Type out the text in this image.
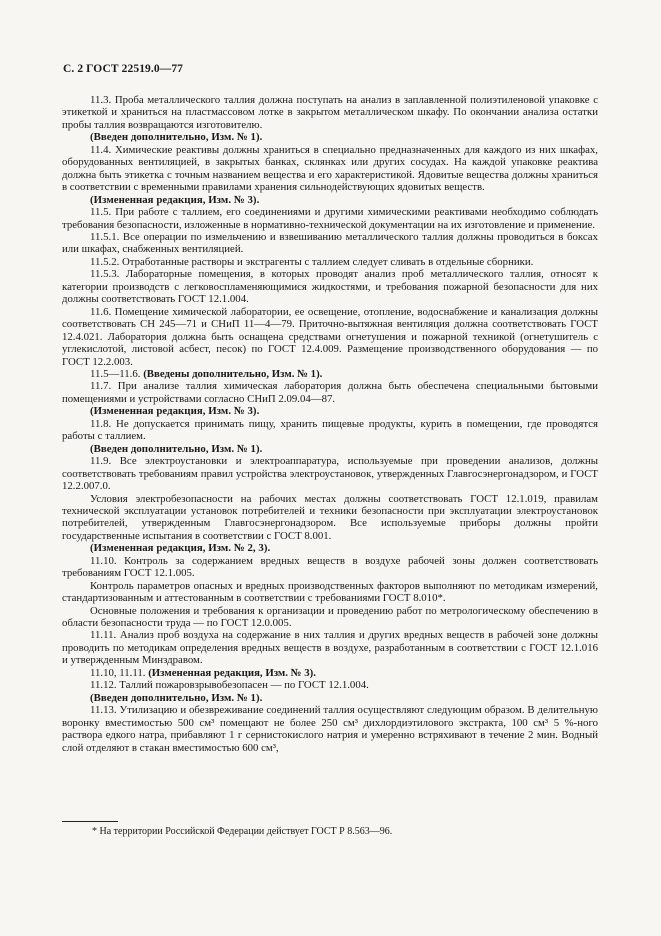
С. 2 ГОСТ 22519.0—77

11.3. Проба металлического таллия должна поступать на анализ в заплавленной полиэтиленовой упаковке с этикеткой и храниться на пластмассовом лотке в закрытом металлическом шкафу. По окончании анализа остатки пробы таллия возвращаются изготовителю.

(Введен дополнительно, Изм. № 1).

11.4. Химические реактивы должны храниться в специально предназначенных для каждого из них шкафах, оборудованных вентиляцией, в закрытых банках, склянках или других сосудах. На каждой упаковке реактива должна быть этикетка с точным названием вещества и его характеристикой. Ядовитые вещества должны храниться в соответствии с временными правилами хранения сильнодействующих ядовитых веществ.

(Измененная редакция, Изм. № 3).

11.5. При работе с таллием, его соединениями и другими химическими реактивами необходимо соблюдать требования безопасности, изложенные в нормативно-технической документации на их изготовление и применение.

11.5.1. Все операции по измельчению и взвешиванию металлического таллия должны проводиться в боксах или шкафах, снабженных вентиляцией.

11.5.2. Отработанные растворы и экстрагенты с таллием следует сливать в отдельные сборники.

11.5.3. Лабораторные помещения, в которых проводят анализ проб металлического таллия, относят к категории производств с легковоспламеняющимися жидкостями, и требования пожарной безопасности для них должны соответствовать ГОСТ 12.1.004.

11.6. Помещение химической лаборатории, ее освещение, отопление, водоснабжение и канализация должны соответствовать СН 245—71 и СНиП 11—4—79. Приточно-вытяжная вентиляция должна соответствовать ГОСТ 12.4.021. Лаборатория должна быть оснащена средствами огнетушения и пожарной техникой (огнетушитель с углекислотой, листовой асбест, песок) по ГОСТ 12.4.009. Размещение производственного оборудования — по ГОСТ 12.2.003.

11.5—11.6. (Введены дополнительно, Изм. № 1).

11.7. При анализе таллия химическая лаборатория должна быть обеспечена специальными бытовыми помещениями и устройствами согласно СНиП 2.09.04—87.

(Измененная редакция, Изм. № 3).

11.8. Не допускается принимать пищу, хранить пищевые продукты, курить в помещении, где проводятся работы с таллием.

(Введен дополнительно, Изм. № 1).

11.9. Все электроустановки и электроаппаратура, используемые при проведении анализов, должны соответствовать требованиям правил устройства электроустановок, утвержденных Главгосэнергонадзором, и ГОСТ 12.2.007.0.

Условия электробезопасности на рабочих местах должны соответствовать ГОСТ 12.1.019, правилам технической эксплуатации установок потребителей и техники безопасности при эксплуатации электроустановок потребителей, утвержденным Главгосэнергонадзором. Все используемые приборы должны пройти государственные испытания в соответствии с ГОСТ 8.001.

(Измененная редакция, Изм. № 2, 3).

11.10. Контроль за содержанием вредных веществ в воздухе рабочей зоны должен соответствовать требованиям ГОСТ 12.1.005.

Контроль параметров опасных и вредных производственных факторов выполняют по методикам измерений, стандартизованным и аттестованным в соответствии с требованиями ГОСТ 8.010*.

Основные положения и требования к организации и проведению работ по метрологическому обеспечению в области безопасности труда — по ГОСТ 12.0.005.

11.11. Анализ проб воздуха на содержание в них таллия и других вредных веществ в рабочей зоне должны проводить по методикам определения вредных веществ в воздухе, разработанным в соответствии с ГОСТ 12.1.016 и утвержденным Минздравом.

11.10, 11.11. (Измененная редакция, Изм. № 3).

11.12. Таллий пожаровзрывобезопасен — по ГОСТ 12.1.004.

(Введен дополнительно, Изм. № 1).

11.13. Утилизацию и обезвреживание соединений таллия осуществляют следующим образом. В делительную воронку вместимостью 500 см³ помещают не более 250 см³ дихлордиэтилового экстракта, 100 см³ 5 %-ного раствора едкого натра, прибавляют 1 г сернистокислого натрия и умеренно встряхивают в течение 2 мин. Водный слой отделяют в стакан вместимостью 600 см³,

* На территории Российской Федерации действует ГОСТ Р 8.563—96.
